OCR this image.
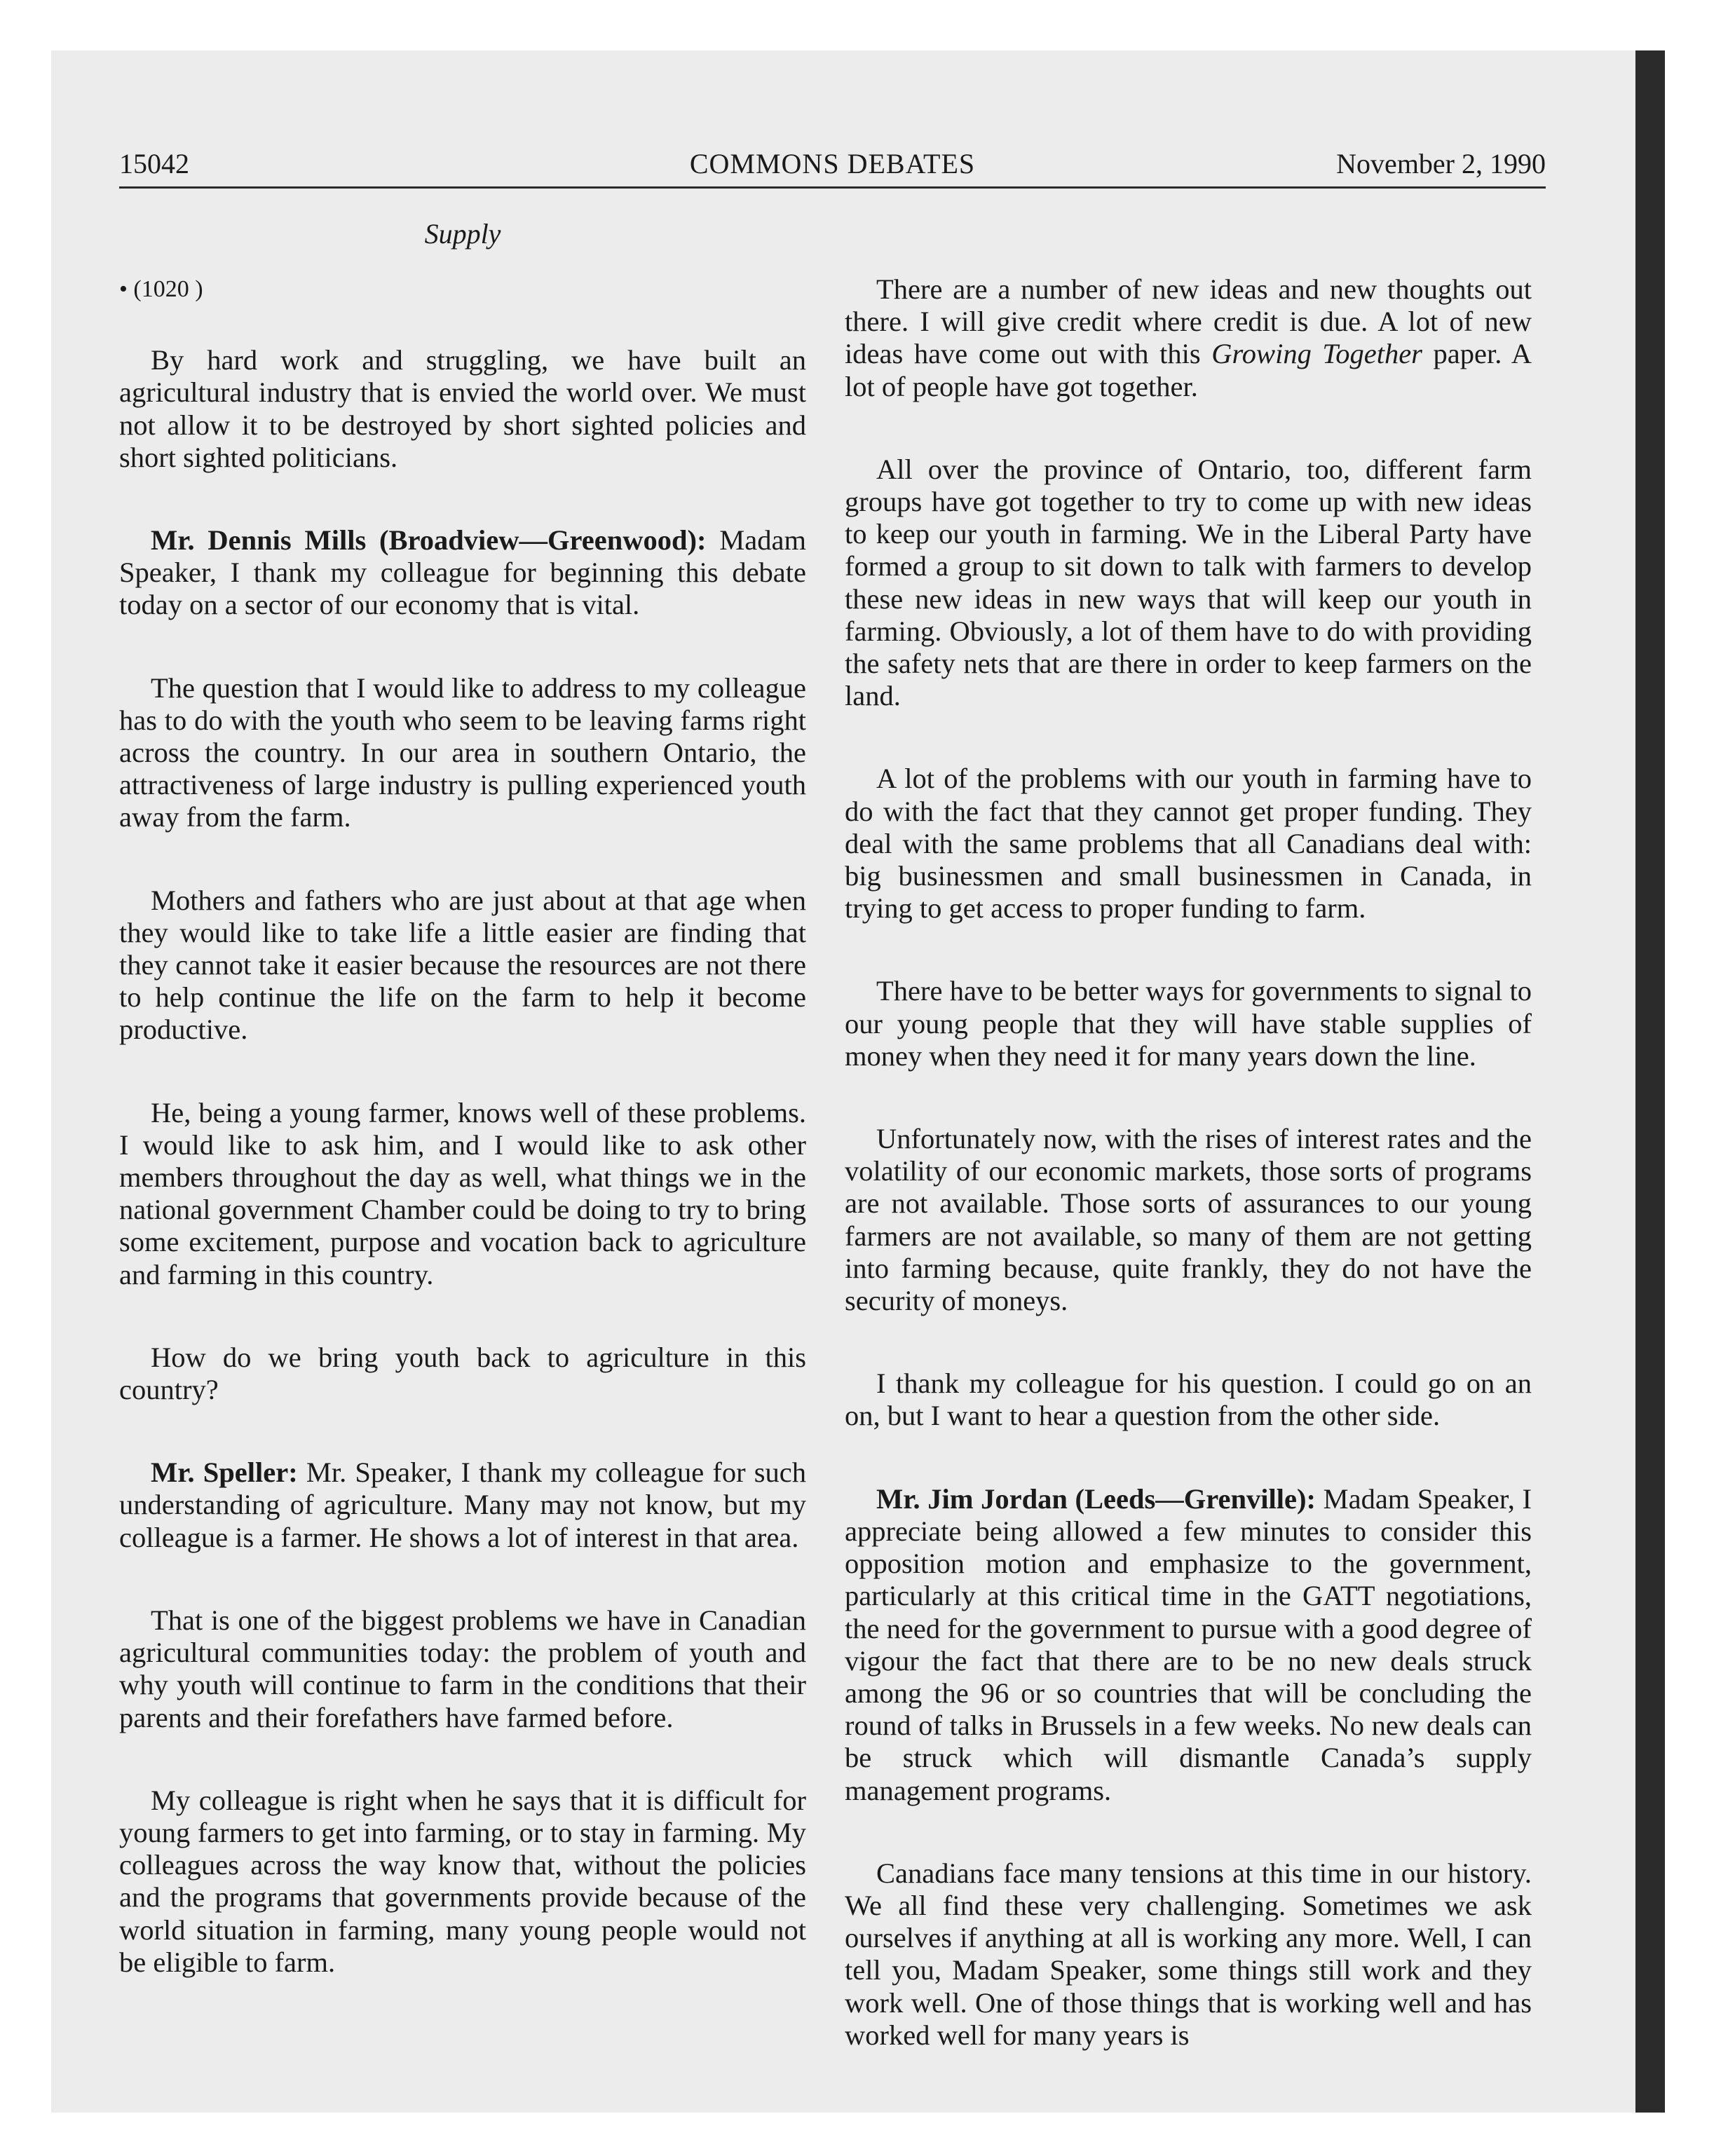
15042	COMMONS DEBATES	November 2, 1990
Supply
• (1020 )

By hard work and struggling, we have built an agricultural industry that is envied the world over. We must not allow it to be destroyed by short sighted policies and short sighted politicians.

Mr. Dennis Mills (Broadview—Greenwood): Madam Speaker, I thank my colleague for beginning this debate today on a sector of our economy that is vital.

The question that I would like to address to my colleague has to do with the youth who seem to be leaving farms right across the country. In our area in southern Ontario, the attractiveness of large industry is pulling experienced youth away from the farm.

Mothers and fathers who are just about at that age when they would like to take life a little easier are finding that they cannot take it easier because the resources are not there to help continue the life on the farm to help it become productive.

He, being a young farmer, knows well of these problems. I would like to ask him, and I would like to ask other members throughout the day as well, what things we in the national government Chamber could be doing to try to bring some excitement, purpose and vocation back to agriculture and farming in this country.

How do we bring youth back to agriculture in this country?

Mr. Speller: Mr. Speaker, I thank my colleague for such understanding of agriculture. Many may not know, but my colleague is a farmer. He shows a lot of interest in that area.

That is one of the biggest problems we have in Canadian agricultural communities today: the problem of youth and why youth will continue to farm in the conditions that their parents and their forefathers have farmed before.

My colleague is right when he says that it is difficult for young farmers to get into farming, or to stay in farming. My colleagues across the way know that, without the policies and the programs that governments provide because of the world situation in farming, many young people would not be eligible to farm.

There are a number of new ideas and new thoughts out there. I will give credit where credit is due. A lot of new ideas have come out with this Growing Together paper. A lot of people have got together.

All over the province of Ontario, too, different farm groups have got together to try to come up with new ideas to keep our youth in farming. We in the Liberal Party have formed a group to sit down to talk with farmers to develop these new ideas in new ways that will keep our youth in farming. Obviously, a lot of them have to do with providing the safety nets that are there in order to keep farmers on the land.

A lot of the problems with our youth in farming have to do with the fact that they cannot get proper funding. They deal with the same problems that all Canadians deal with: big businessmen and small businessmen in Canada, in trying to get access to proper funding to farm.

There have to be better ways for governments to signal to our young people that they will have stable supplies of money when they need it for many years down the line.

Unfortunately now, with the rises of interest rates and the volatility of our economic markets, those sorts of programs are not available. Those sorts of assurances to our young farmers are not available, so many of them are not getting into farming because, quite frankly, they do not have the security of moneys.

I thank my colleague for his question. I could go on an on, but I want to hear a question from the other side.

Mr. Jim Jordan (Leeds—Grenville): Madam Speaker, I appreciate being allowed a few minutes to consider this opposition motion and emphasize to the government, particularly at this critical time in the GATT negotiations, the need for the government to pursue with a good degree of vigour the fact that there are to be no new deals struck among the 96 or so countries that will be concluding the round of talks in Brussels in a few weeks. No new deals can be struck which will dismantle Canada’s supply management programs.

Canadians face many tensions at this time in our history. We all find these very challenging. Sometimes we ask ourselves if anything at all is working any more. Well, I can tell you, Madam Speaker, some things still work and they work well. One of those things that is working well and has worked well for many years is
